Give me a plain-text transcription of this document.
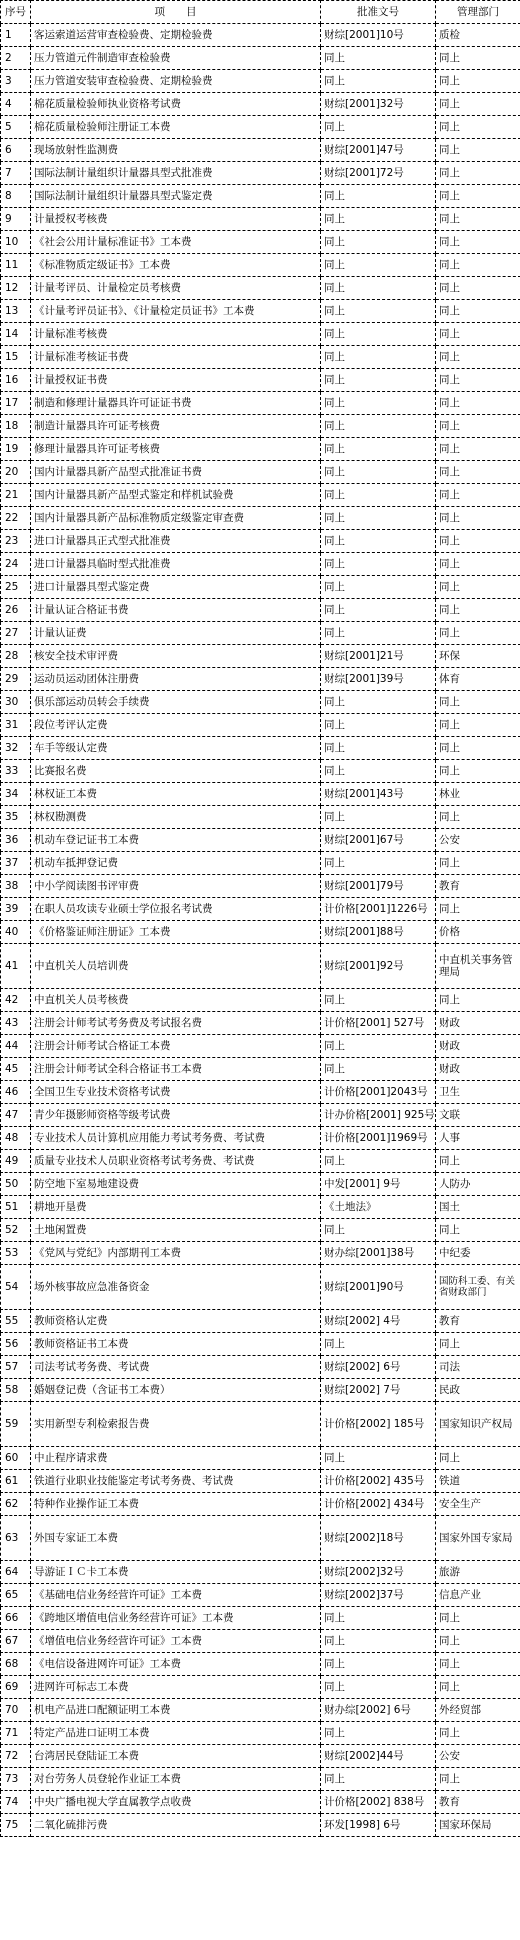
序号	项　　目	批准文号	管理部门
1	客运索道运营审查检验费、定期检验费	财综[2001]10号	质检
2	压力管道元件制造审查检验费	同上	同上
3	压力管道安装审查检验费、定期检验费	同上	同上
4	棉花质量检验师执业资格考试费	财综[2001]32号	同上
5	棉花质量检验师注册证工本费	同上	同上
6	现场放射性监测费	财综[2001]47号	同上
7	国际法制计量组织计量器具型式批准费	财综[2001]72号	同上
8	国际法制计量组织计量器具型式鉴定费	同上	同上
9	计量授权考核费	同上	同上
10	《社会公用计量标准证书》工本费	同上	同上
11	《标准物质定级证书》工本费	同上	同上
12	计量考评员、计量检定员考核费	同上	同上
13	《计量考评员证书》、《计量检定员证书》工本费	同上	同上
14	计量标准考核费	同上	同上
15	计量标准考核证书费	同上	同上
16	计量授权证书费	同上	同上
17	制造和修理计量器具许可证证书费	同上	同上
18	制造计量器具许可证考核费	同上	同上
19	修理计量器具许可证考核费	同上	同上
20	国内计量器具新产品型式批准证书费	同上	同上
21	国内计量器具新产品型式鉴定和样机试验费	同上	同上
22	国内计量器具新产品标准物质定级鉴定审查费	同上	同上
23	进口计量器具正式型式批准费	同上	同上
24	进口计量器具临时型式批准费	同上	同上
25	进口计量器具型式鉴定费	同上	同上
26	计量认证合格证书费	同上	同上
27	计量认证费	同上	同上
28	核安全技术审评费	财综[2001]21号	环保
29	运动员运动团体注册费	财综[2001]39号	体育
30	俱乐部运动员转会手续费	同上	同上
31	段位考评认定费	同上	同上
32	车手等级认定费	同上	同上
33	比赛报名费	同上	同上
34	林权证工本费	财综[2001]43号	林业
35	林权勘测费	同上	同上
36	机动车登记证书工本费	财综[2001]67号	公安
37	机动车抵押登记费	同上	同上
38	中小学阅读图书评审费	财综[2001]79号	教育
39	在职人员攻读专业硕士学位报名考试费	计价格[2001]1226号	同上
40	《价格鉴证师注册证》工本费	财综[2001]88号	价格
41	中直机关人员培训费	财综[2001]92号	中直机关事务管理局
42	中直机关人员考核费	同上	同上
43	注册会计师考试考务费及考试报名费	计价格[2001] 527号	财政
44	注册会计师考试合格证工本费	同上	财政
45	注册会计师考试全科合格证书工本费	同上	财政
46	全国卫生专业技术资格考试费	计价格[2001]2043号	卫生
47	青少年摄影师资格等级考试费	计办价格[2001] 925号	文联
48	专业技术人员计算机应用能力考试考务费、考试费	计价格[2001]1969号	人事
49	质量专业技术人员职业资格考试考务费、考试费	同上	同上
50	防空地下室易地建设费	中发[2001] 9号	人防办
51	耕地开垦费	《土地法》	国土
52	土地闲置费	同上	同上
53	《党风与党纪》内部期刊工本费	财办综[2001]38号	中纪委
54	场外核事故应急准备资金	财综[2001]90号	国防科工委、有关省财政部门
55	教师资格认定费	财综[2002] 4号	教育
56	教师资格证书工本费	同上	同上
57	司法考试考务费、考试费	财综[2002] 6号	司法
58	婚姻登记费（含证书工本费）	财综[2002] 7号	民政
59	实用新型专利检索报告费	计价格[2002] 185号	国家知识产权局
60	中止程序请求费	同上	同上
61	铁道行业职业技能鉴定考试考务费、考试费	计价格[2002] 435号	铁道
62	特种作业操作证工本费	计价格[2002] 434号	安全生产
63	外国专家证工本费	财综[2002]18号	国家外国专家局
64	导游证ＩＣ卡工本费	财综[2002]32号	旅游
65	《基础电信业务经营许可证》工本费	财综[2002]37号	信息产业
66	《跨地区增值电信业务经营许可证》工本费	同上	同上
67	《增值电信业务经营许可证》工本费	同上	同上
68	《电信设备进网许可证》工本费	同上	同上
69	进网许可标志工本费	同上	同上
70	机电产品进口配额证明工本费	财办综[2002] 6号	外经贸部
71	特定产品进口证明工本费	同上	同上
72	台湾居民登陆证工本费	财综[2002]44号	公安
73	对台劳务人员登轮作业证工本费	同上	同上
74	中央广播电视大学直属教学点收费	计价格[2002] 838号	教育
75	二氧化硫排污费	环发[1998] 6号	国家环保局
